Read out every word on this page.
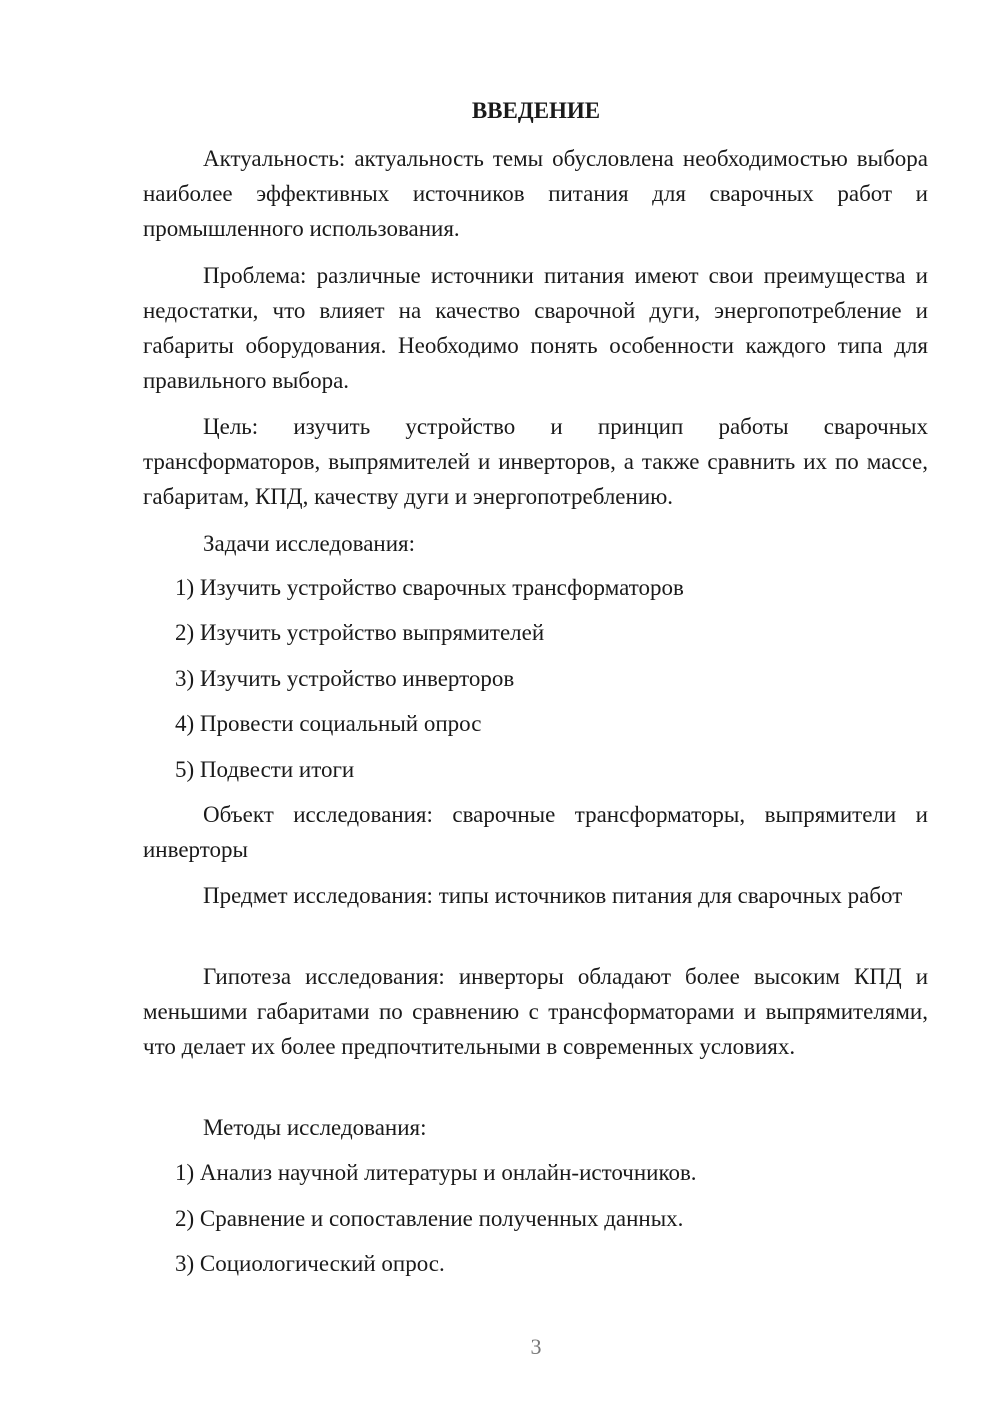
ВВЕДЕНИЕ

Актуальность: актуальность темы обусловлена необходимостью выбора наиболее эффективных источников питания для сварочных работ и промышленного использования.

Проблема: различные источники питания имеют свои преимущества и недостатки, что влияет на качество сварочной дуги, энергопотребление и габариты оборудования. Необходимо понять особенности каждого типа для правильного выбора.

Цель: изучить устройство и принцип работы сварочных трансформаторов, выпрямителей и инверторов, а также сравнить их по массе, габаритам, КПД, качеству дуги и энергопотреблению.

Задачи исследования:

1) Изучить устройство сварочных трансформаторов

2) Изучить устройство выпрямителей

3) Изучить устройство инверторов

4) Провести социальный опрос

5) Подвести итоги

Объект исследования: сварочные трансформаторы, выпрямители и инверторы

Предмет исследования: типы источников питания для сварочных работ

Гипотеза исследования: инверторы обладают более высоким КПД и меньшими габаритами по сравнению с трансформаторами и выпрямителями, что делает их более предпочтительными в современных условиях.

Методы исследования:

1) Анализ научной литературы и онлайн-источников.

2) Сравнение и сопоставление полученных данных.

3) Социологический опрос.

3
